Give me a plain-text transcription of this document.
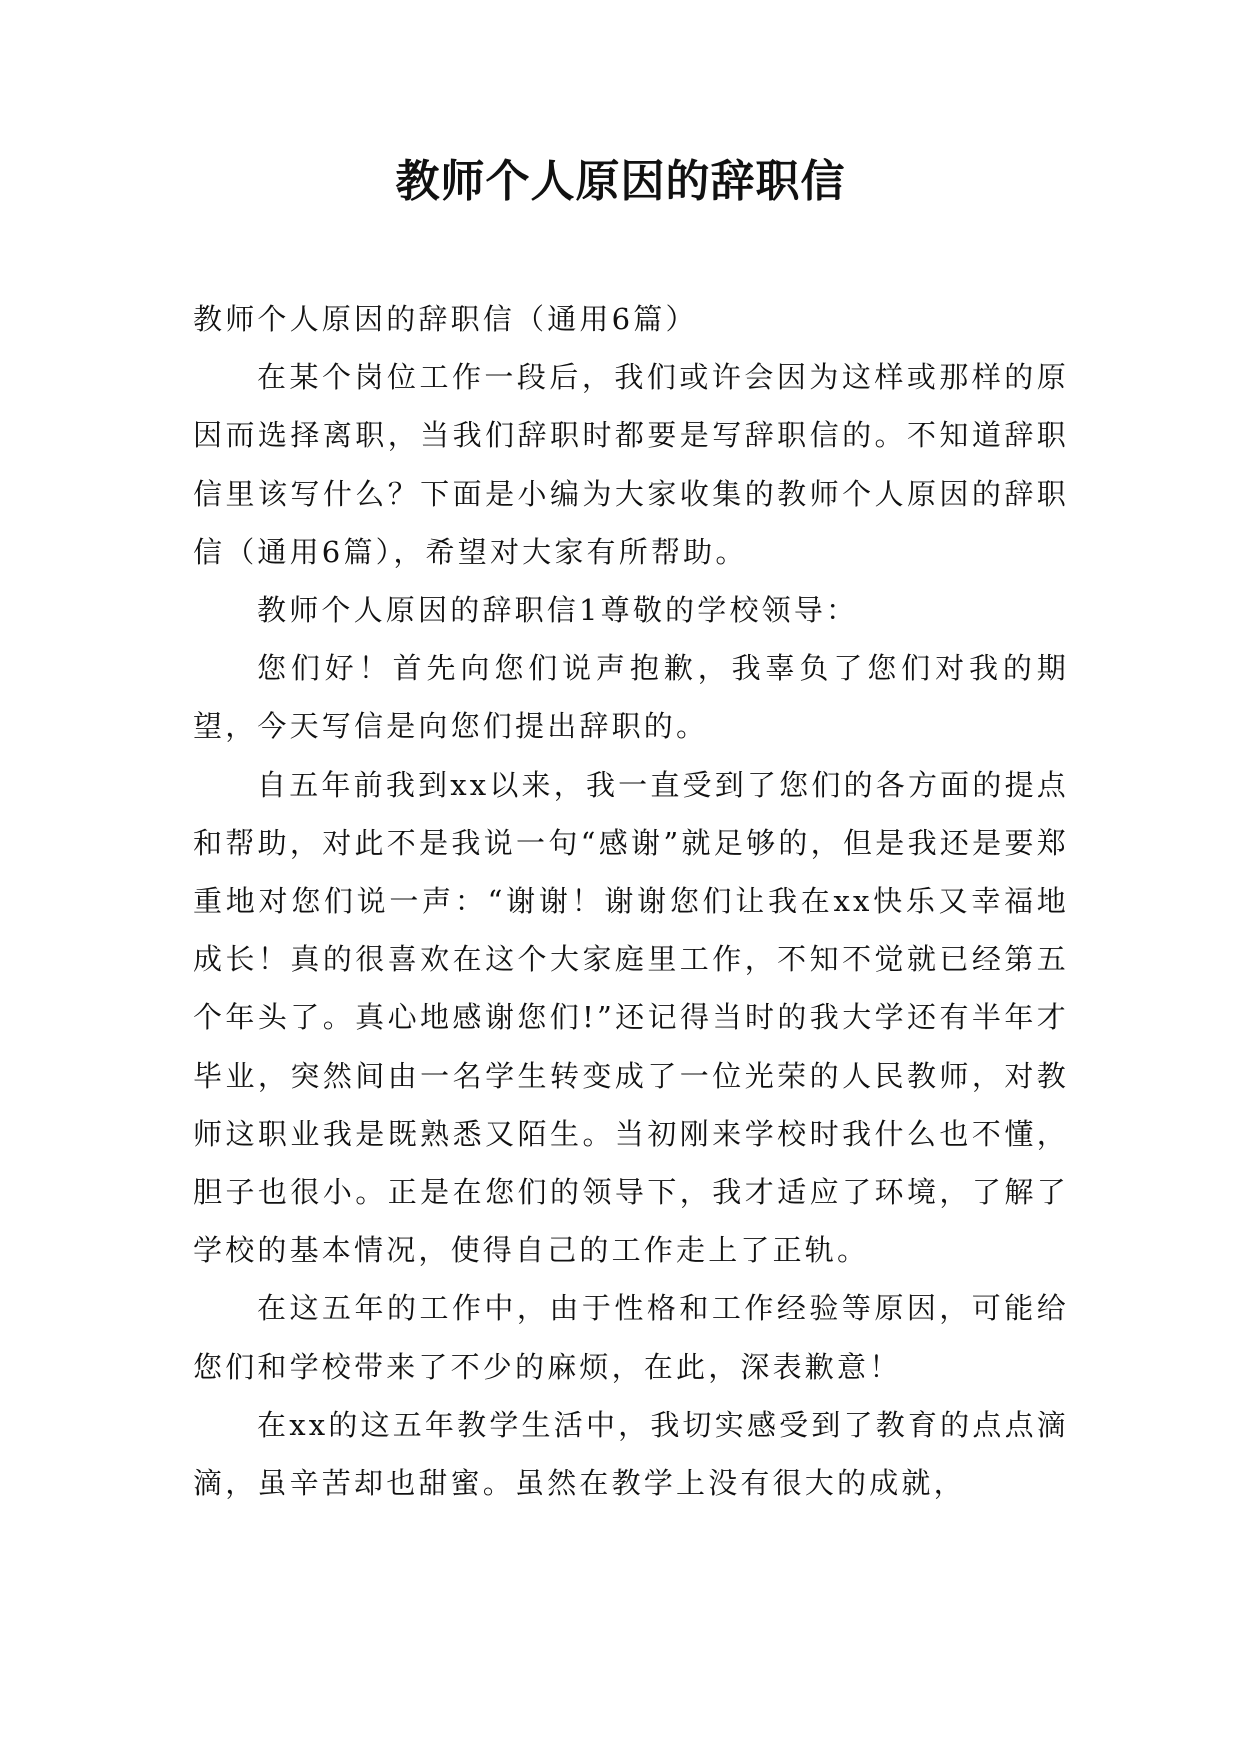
教师个人原因的辞职信

教师个人原因的辞职信（通用6篇）

在某个岗位工作一段后，我们或许会因为这样或那样的原因而选择离职，当我们辞职时都要是写辞职信的。不知道辞职信里该写什么？下面是小编为大家收集的教师个人原因的辞职信（通用6篇），希望对大家有所帮助。

教师个人原因的辞职信1尊敬的学校领导：

您们好！首先向您们说声抱歉，我辜负了您们对我的期望，今天写信是向您们提出辞职的。

自五年前我到xx以来，我一直受到了您们的各方面的提点和帮助，对此不是我说一句“感谢”就足够的，但是我还是要郑重地对您们说一声：“谢谢！谢谢您们让我在xx快乐又幸福地成长！真的很喜欢在这个大家庭里工作，不知不觉就已经第五个年头了。真心地感谢您们!”还记得当时的我大学还有半年才毕业，突然间由一名学生转变成了一位光荣的人民教师，对教师这职业我是既熟悉又陌生。当初刚来学校时我什么也不懂，胆子也很小。正是在您们的领导下，我才适应了环境，了解了学校的基本情况，使得自己的工作走上了正轨。

在这五年的工作中，由于性格和工作经验等原因，可能给您们和学校带来了不少的麻烦，在此，深表歉意！

在xx的这五年教学生活中，我切实感受到了教育的点点滴滴，虽辛苦却也甜蜜。虽然在教学上没有很大的成就，
